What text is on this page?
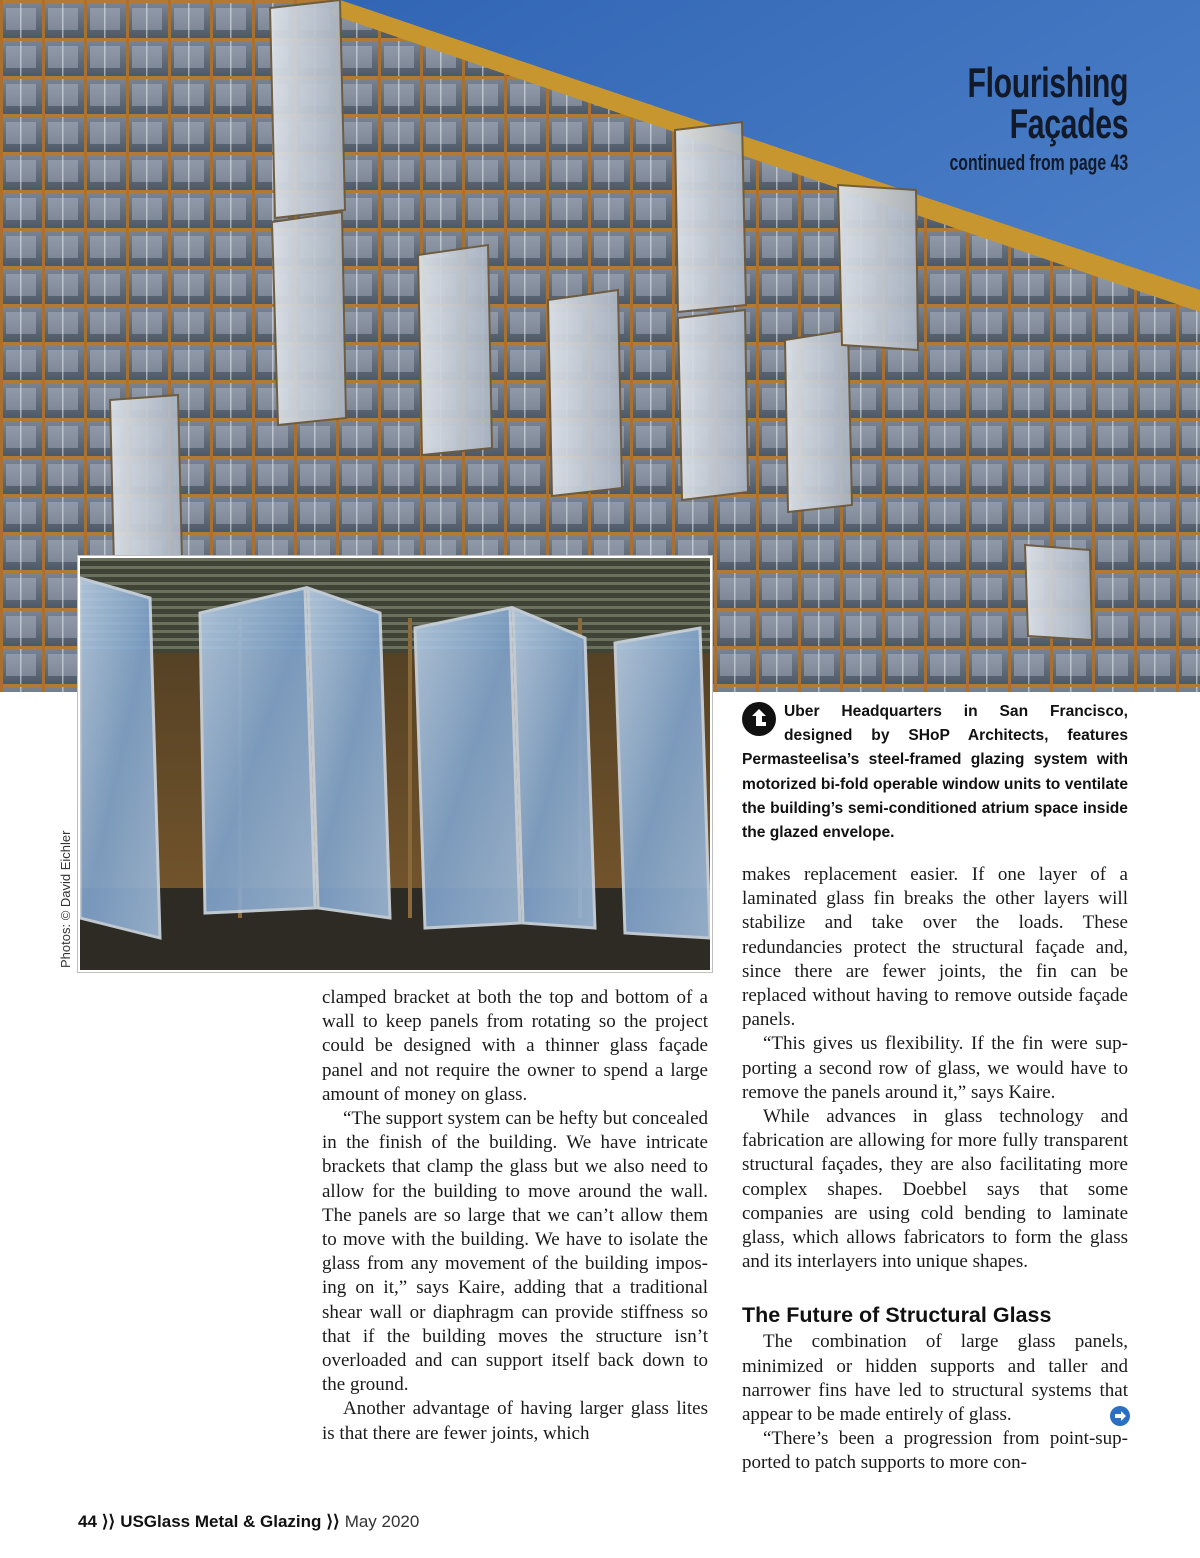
Flourishing
Façades
continued from page 43
Photos: © David Eichler
Uber Headquarters in San Francisco, designed by SHoP Architects, features Permasteelisa’s steel-framed glazing system with motorized bi-fold operable window units to ventilate the building’s semi-conditioned atrium space inside the glazed envelope.

clamped bracket at both the top and bottom of a wall to keep panels from rotating so the project could be designed with a thinner glass façade panel and not require the owner to spend a large amount of money on glass.

“The support system can be hefty but concealed in the finish of the building. We have intricate brackets that clamp the glass but we also need to allow for the building to move around the wall. The panels are so large that we can’t allow them to move with the building. We have to isolate the glass from any movement of the building imposing on it,” says Kaire, adding that a traditional shear wall or diaphragm can provide stiffness so that if the building moves the structure isn’t overloaded and can support itself back down to the ground.

Another advantage of having larger glass lites is that there are fewer joints, which

makes replacement easier. If one layer of a laminated glass fin breaks the other layers will stabilize and take over the loads. These redundancies protect the structural façade and, since there are fewer joints, the fin can be replaced without having to remove outside façade panels.

“This gives us flexibility. If the fin were supporting a second row of glass, we would have to remove the panels around it,” says Kaire.

While advances in glass technology and fabrication are allowing for more fully transparent structural façades, they are also facilitating more complex shapes. Doebbel says that some companies are using cold bending to laminate glass, which allows fabricators to form the glass and its interlayers into unique shapes.

The Future of Structural Glass

The combination of large glass panels, minimized or hidden supports and taller and narrower fins have led to structural systems that appear to be made entirely of glass.

“There’s been a progression from point-supported to patch supports to more con-

44 ⟩⟩ USGlass Metal & Glazing ⟩⟩ May 2020
